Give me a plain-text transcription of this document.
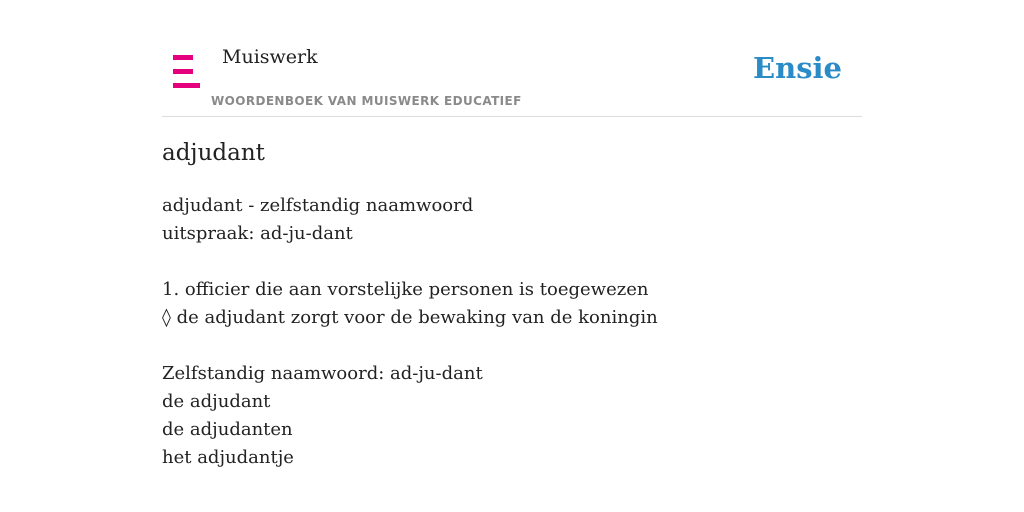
Muiswerk
WOORDENBOEK VAN MUISWERK EDUCATIEF
Ensie
adjudant
adjudant - zelfstandig naamwoord
uitspraak: ad-ju-dant
1. officier die aan vorstelijke personen is toegewezen
◊ de adjudant zorgt voor de bewaking van de koningin
Zelfstandig naamwoord: ad-ju-dant
de adjudant
de adjudanten
het adjudantje
